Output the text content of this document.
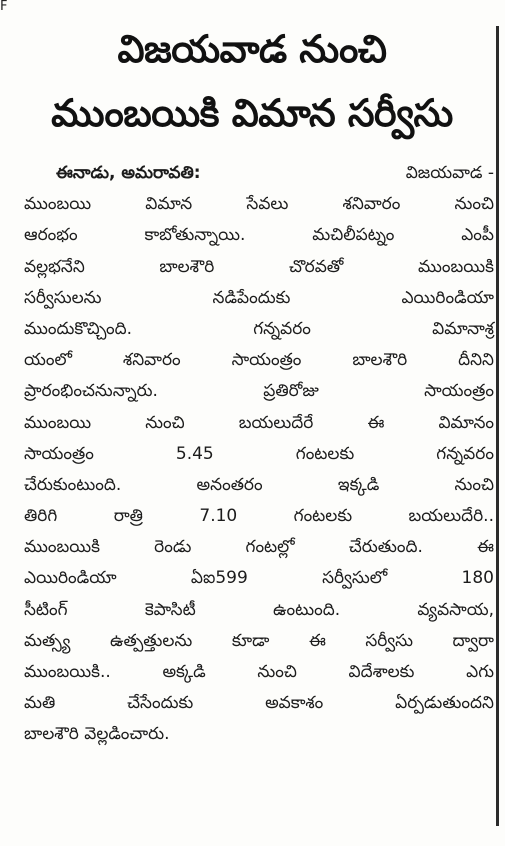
F
విజయవాడ నుంచి
ముంబయికి విమాన సర్వీసు
ఈనాడు, అమరావతి:	విజయవాడ -
ముంబయి	విమాన	సేవలు	శనివారం	నుంచి
ఆరంభం	కాబోతున్నాయి.	మచిలీపట్నం	ఎంపీ
వల్లభనేని	బాలశౌరి	చొరవతో	ముంబయికి
సర్వీసులను	నడిపేందుకు	ఎయిరిండియా
ముందుకొచ్చింది.	గన్నవరం	విమానాశ్ర
యంలో	శనివారం	సాయంత్రం	బాలశౌరి	దీనిని
ప్రారంభించనున్నారు.	ప్రతిరోజు	సాయంత్రం
ముంబయి	నుంచి	బయలుదేరే	ఈ	విమానం
సాయంత్రం	5.45	గంటలకు	గన్నవరం
చేరుకుంటుంది.	అనంతరం	ఇక్కడి	నుంచి
తిరిగి	రాత్రి	7.10	గంటలకు	బయలుదేరి..
ముంబయికి	రెండు	గంటల్లో	చేరుతుంది.	ఈ
ఎయిరిండియా	ఏఐ599	సర్వీసులో	180
సీటింగ్	కెపాసిటీ	ఉంటుంది.	వ్యవసాయ,
మత్స్య ఉత్పత్తులను కూడా ఈ సర్వీసు ద్వారా
ముంబయికి..	అక్కడి	నుంచి	విదేశాలకు	ఎగు
మతి	చేసేందుకు	అవకాశం	ఏర్పడుతుందని
బాలశౌరి వెల్లడించారు.
